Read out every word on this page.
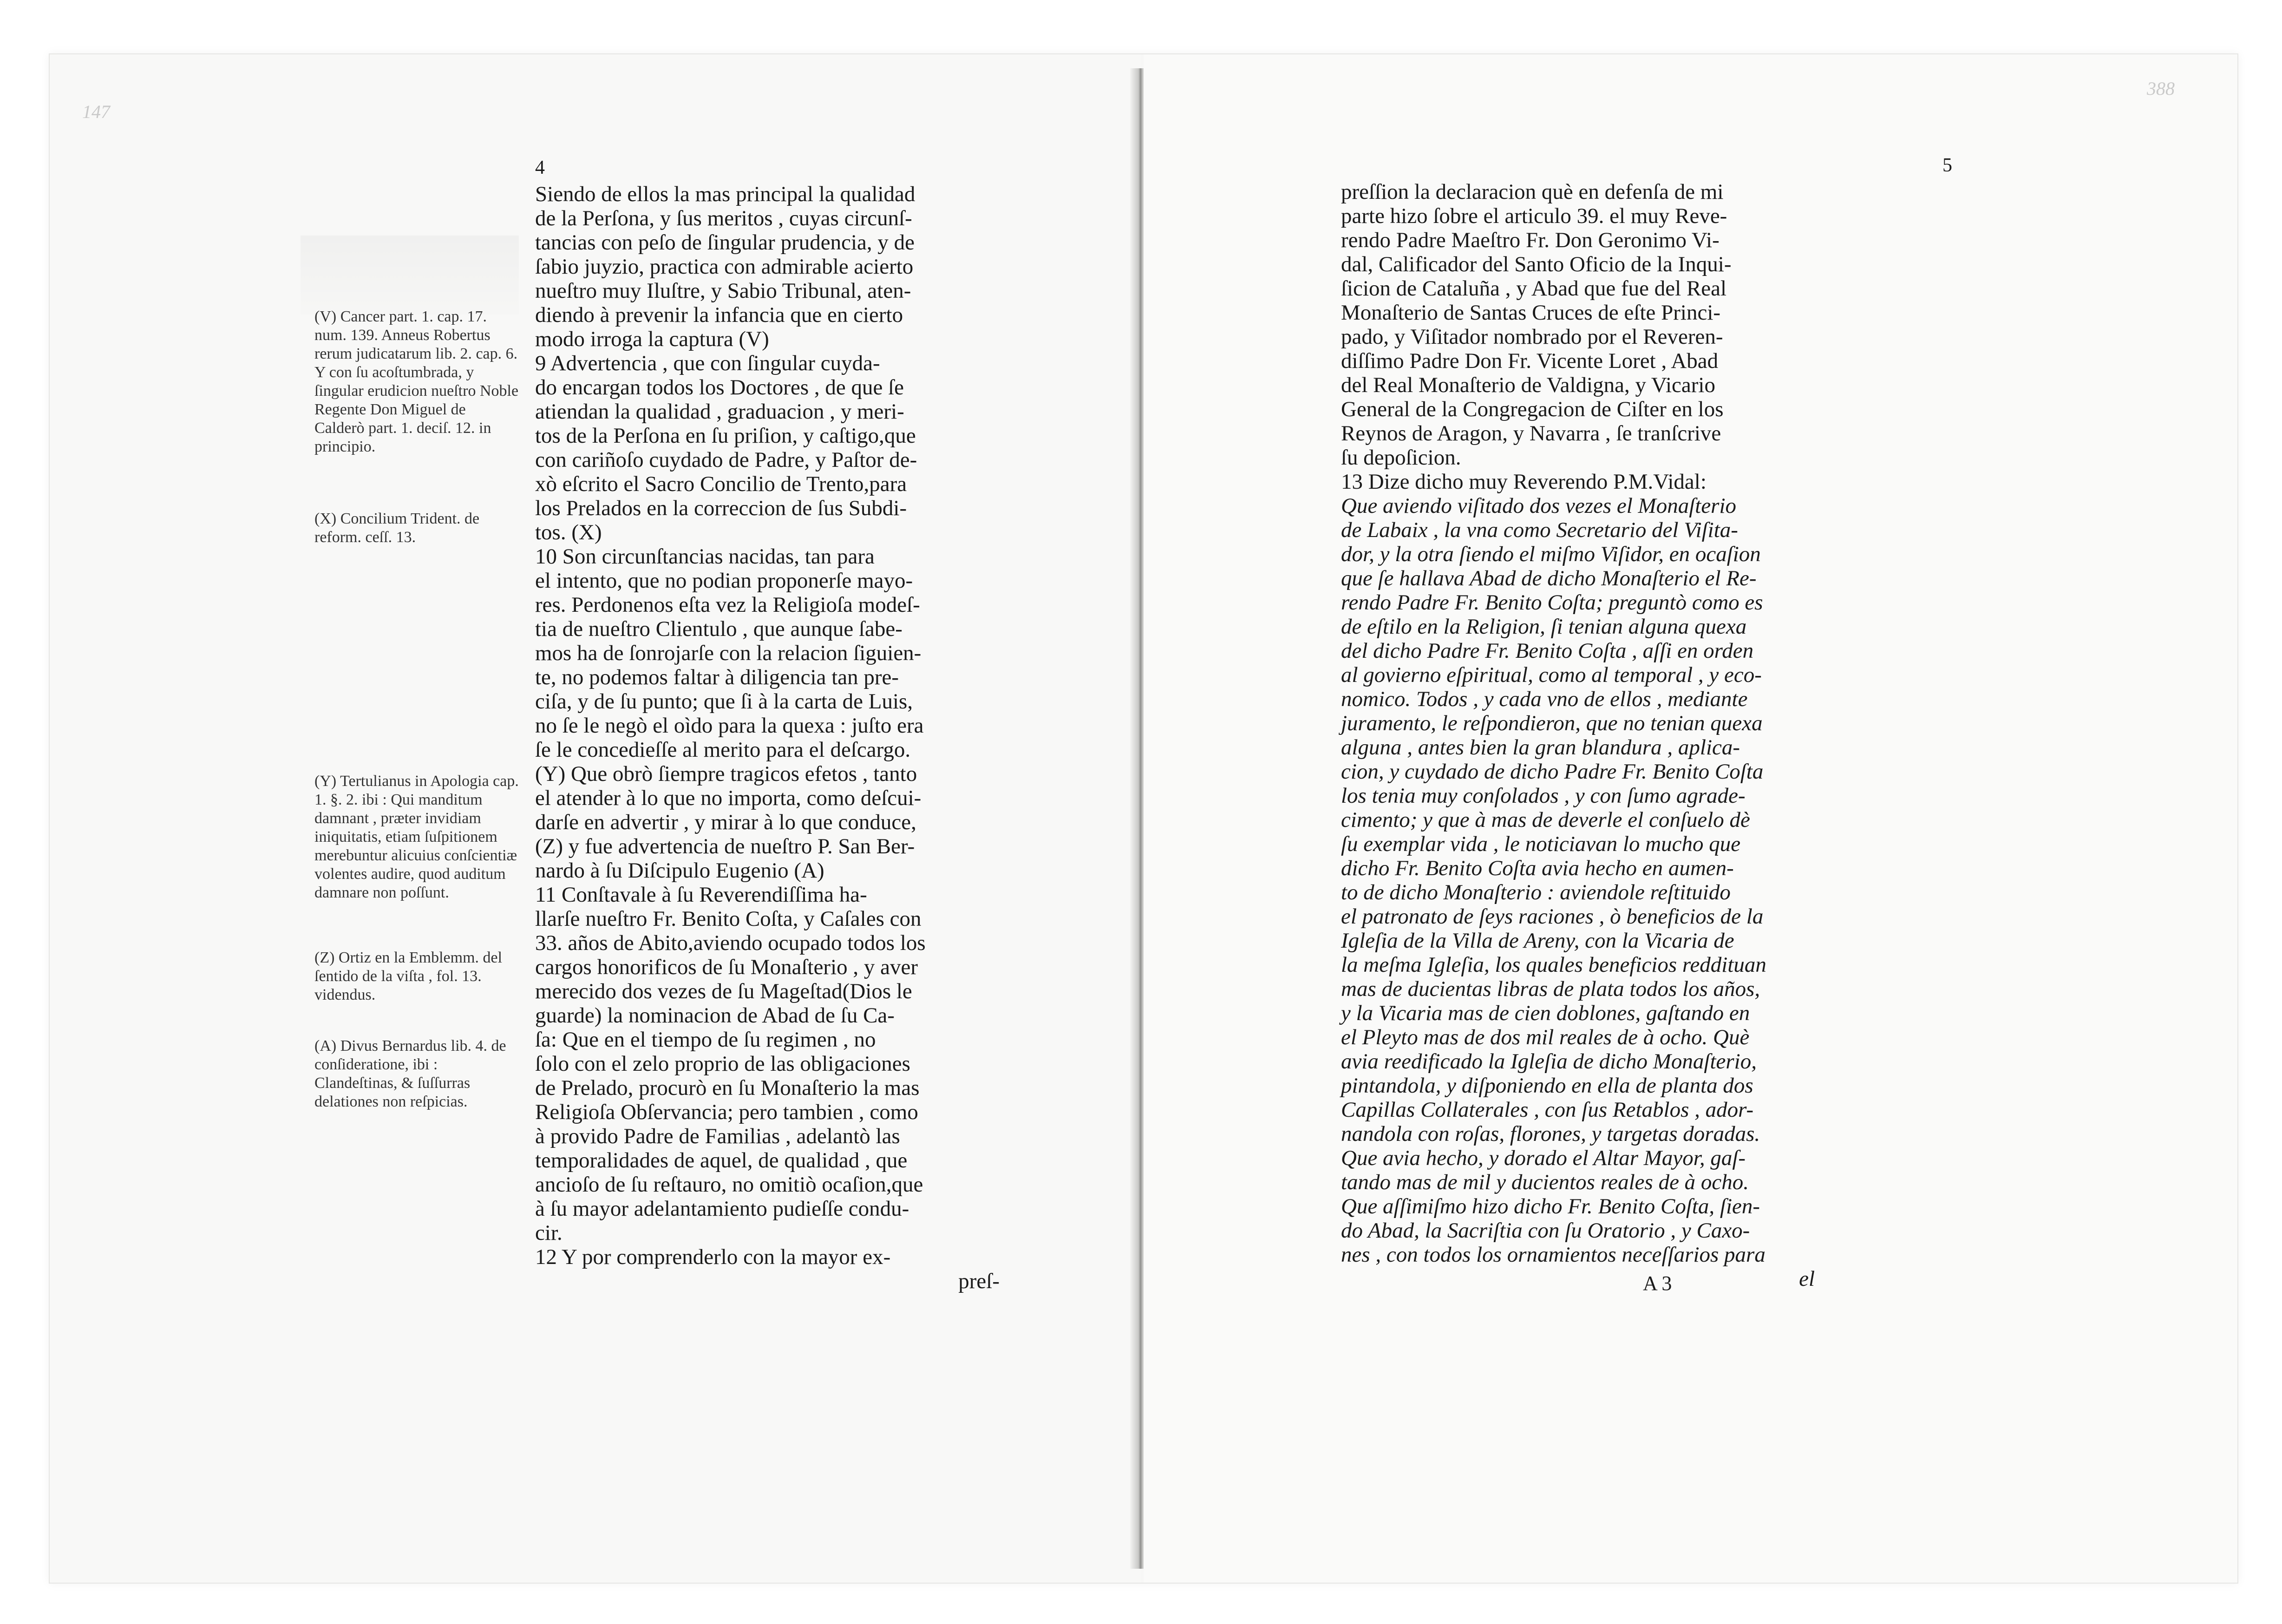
147
(V) Cancer part. 1. cap. 17. num. 139. Anneus Robertus rerum judicatarum lib. 2. cap. 6. Y con ſu acoſtumbrada, y ſingular erudicion nueſtro Noble Regente Don Miguel de Calderò part. 1. deciſ. 12. in principio.
(X) Concilium Trident. de reform. ceſſ. 13.
(Y) Tertulianus in Apologia cap. 1. §. 2. ibi : Qui manditum damnant , præter invidiam iniquitatis, etiam ſuſpitionem merebuntur alicuius conſcientiæ volentes audire, quod auditum damnare non poſſunt.
(Z) Ortiz en la Emblemm. del ſentido de la viſta , fol. 13. videndus.
(A) Divus Bernardus lib. 4. de conſideratione, ibi : Clandeſtinas, & ſuſſurras delationes non reſpicias.
4

Siendo de ellos la mas principal la qualidad

de la Perſona, y ſus meritos , cuyas circunſ-

tancias con peſo de ſingular prudencia, y de

ſabio juyzio, practica con admirable acierto

nueſtro muy Iluſtre, y Sabio Tribunal, aten-

diendo à prevenir la infancia que en cierto

modo irroga la captura (V)

9 Advertencia , que con ſingular cuyda-

do encargan todos los Doctores , de que ſe

atiendan la qualidad , graduacion , y meri-

tos de la Perſona en ſu priſion, y caſtigo,que

con cariñoſo cuydado de Padre, y Paſtor de-

xò eſcrito el Sacro Concilio de Trento,para

los Prelados en la correccion de ſus Subdi-

tos. (X)

10 Son circunſtancias nacidas, tan para

el intento, que no podian proponerſe mayo-

res. Perdonenos eſta vez la Religioſa modeſ-

tia de nueſtro Clientulo , que aunque ſabe-

mos ha de ſonrojarſe con la relacion ſiguien-

te, no podemos faltar à diligencia tan pre-

ciſa, y de ſu punto; que ſi à la carta de Luis,

no ſe le negò el oìdo para la quexa : juſto era

ſe le concedieſſe al merito para el deſcargo.

(Y) Que obrò ſiempre tragicos efetos , tanto

el atender à lo que no importa, como deſcui-

darſe en advertir , y mirar à lo que conduce,

(Z) y fue advertencia de nueſtro P. San Ber-

nardo à ſu Diſcipulo Eugenio (A)

11 Conſtavale à ſu Reverendiſſima ha-

llarſe nueſtro Fr. Benito Coſta, y Caſales con

33. años de Abito,aviendo ocupado todos los

cargos honorificos de ſu Monaſterio , y aver

merecido dos vezes de ſu Mageſtad(Dios le

guarde) la nominacion de Abad de ſu Ca-

ſa: Que en el tiempo de ſu regimen , no

ſolo con el zelo proprio de las obligaciones

de Prelado, procurò en ſu Monaſterio la mas

Religioſa Obſervancia; pero tambien , como

à provido Padre de Familias , adelantò las

temporalidades de aquel, de qualidad , que

ancioſo de ſu reſtauro, no omitiò ocaſion,que

à ſu mayor adelantamiento pudieſſe condu-

cir.

12 Y por comprenderlo con la mayor ex-

preſ-

388
5

preſſion la declaracion què en defenſa de mi

parte hizo ſobre el articulo 39. el muy Reve-

rendo Padre Maeſtro Fr. Don Geronimo Vi-

dal, Calificador del Santo Oficio de la Inqui-

ſicion de Cataluña , y Abad que fue del Real

Monaſterio de Santas Cruces de eſte Princi-

pado, y Viſitador nombrado por el Reveren-

diſſimo Padre Don Fr. Vicente Loret , Abad

del Real Monaſterio de Valdigna, y Vicario

General de la Congregacion de Ciſter en los

Reynos de Aragon, y Navarra , ſe tranſcrive

ſu depoſicion.

13 Dize dicho muy Reverendo P.M.Vidal:

Que aviendo viſitado dos vezes el Monaſterio

de Labaix , la vna como Secretario del Viſita-

dor, y la otra ſiendo el miſmo Viſidor, en ocaſion

que ſe hallava Abad de dicho Monaſterio el Re-

rendo Padre Fr. Benito Coſta; preguntò como es

de eſtilo en la Religion, ſi tenian alguna quexa

del dicho Padre Fr. Benito Coſta , aſſi en orden

al govierno eſpiritual, como al temporal , y eco-

nomico. Todos , y cada vno de ellos , mediante

juramento, le reſpondieron, que no tenian quexa

alguna , antes bien la gran blandura , aplica-

cion, y cuydado de dicho Padre Fr. Benito Coſta

los tenia muy conſolados , y con ſumo agrade-

cimento; y que à mas de deverle el conſuelo dè

ſu exemplar vida , le noticiavan lo mucho que

dicho Fr. Benito Coſta avia hecho en aumen-

to de dicho Monaſterio : aviendole reſtituido

el patronato de ſeys raciones , ò beneficios de la

Igleſia de la Villa de Areny, con la Vicaria de

la meſma Igleſia, los quales beneficios reddituan

mas de ducientas libras de plata todos los años,

y la Vicaria mas de cien doblones, gaſtando en

el Pleyto mas de dos mil reales de à ocho. Què

avia reedificado la Igleſia de dicho Monaſterio,

pintandola, y diſponiendo en ella de planta dos

Capillas Collaterales , con ſus Retablos , ador-

nandola con roſas, florones, y targetas doradas.

Que avia hecho, y dorado el Altar Mayor, gaſ-

tando mas de mil y ducientos reales de à ocho.

Que aſſimiſmo hizo dicho Fr. Benito Coſta, ſien-

do Abad, la Sacriſtia con ſu Oratorio , y Caxo-

nes , con todos los ornamientos neceſſarios para

el

A 3
